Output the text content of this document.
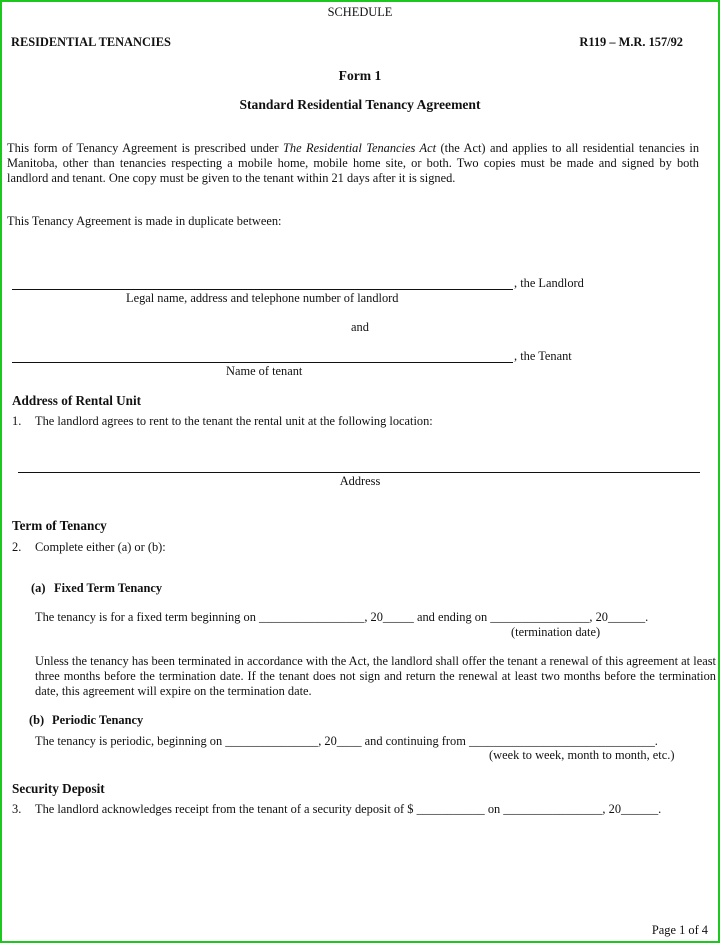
SCHEDULE
RESIDENTIAL TENANCIES	R119 – M.R. 157/92
Form 1
Standard Residential Tenancy Agreement
This form of Tenancy Agreement is prescribed under The Residential Tenancies Act (the Act) and applies to all residential tenancies in Manitoba, other than tenancies respecting a mobile home, mobile home site, or both. Two copies must be made and signed by both landlord and tenant. One copy must be given to the tenant within 21 days after it is signed.
This Tenancy Agreement is made in duplicate between:
, the Landlord
Legal name, address and telephone number of landlord
and
, the Tenant
Name of tenant
Address of Rental Unit
1. The landlord agrees to rent to the tenant the rental unit at the following location:
Address
Term of Tenancy
2. Complete either (a) or (b):
(a) Fixed Term Tenancy
The tenancy is for a fixed term beginning on _________________, 20_____ and ending on ________________, 20______.
(termination date)
Unless the tenancy has been terminated in accordance with the Act, the landlord shall offer the tenant a renewal of this agreement at least three months before the termination date. If the tenant does not sign and return the renewal at least two months before the termination date, this agreement will expire on the termination date.
(b) Periodic Tenancy
The tenancy is periodic, beginning on _______________, 20____ and continuing from ______________________________.
(week to week, month to month, etc.)
Security Deposit
3. The landlord acknowledges receipt from the tenant of a security deposit of $ ___________ on ________________, 20______.
Page 1 of 4
